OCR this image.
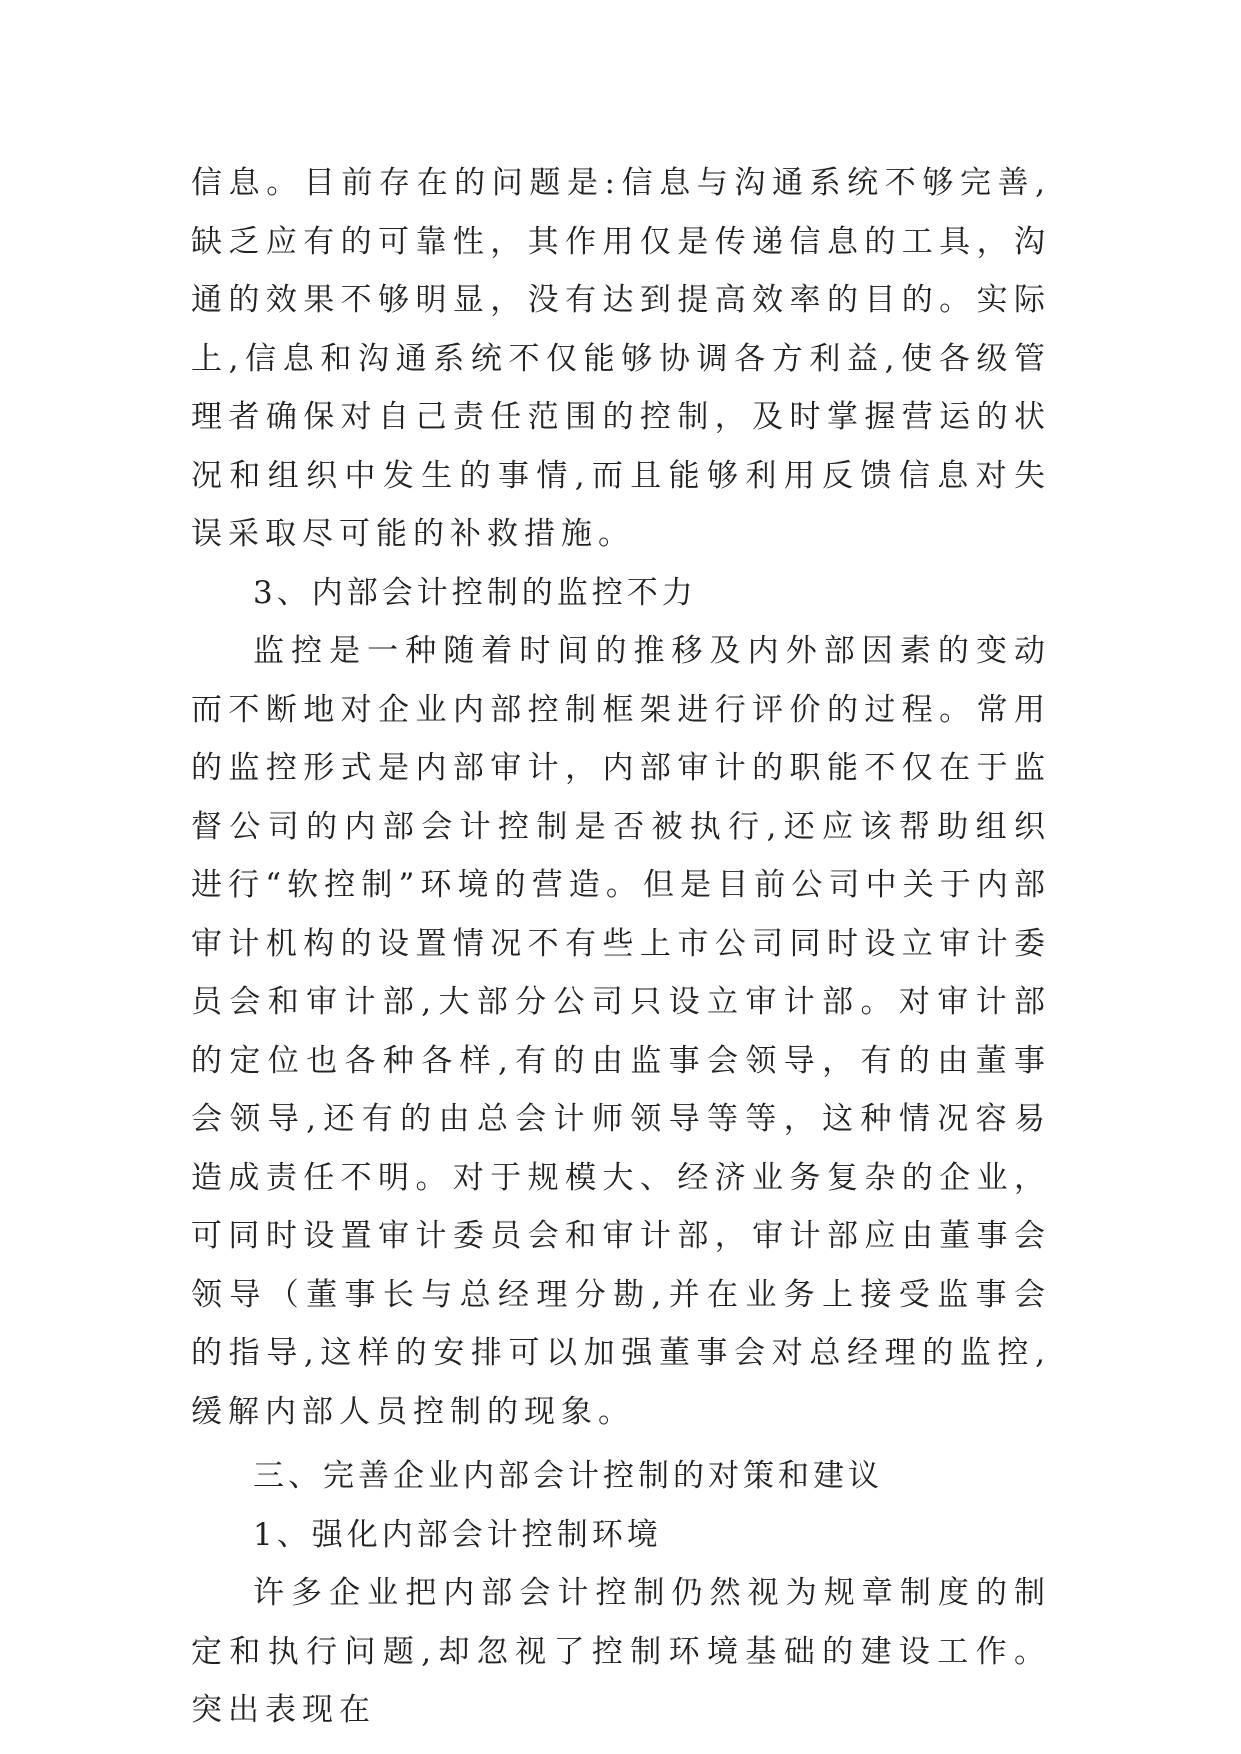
信息。目前存在的问题是:信息与沟通系统不够完善,缺乏应有的可靠性，其作用仅是传递信息的工具，沟通的效果不够明显，没有达到提高效率的目的。实际上,信息和沟通系统不仅能够协调各方利益,使各级管理者确保对自己责任范围的控制，及时掌握营运的状况和组织中发生的事情,而且能够利用反馈信息对失误采取尽可能的补救措施。

3、内部会计控制的监控不力

监控是一种随着时间的推移及内外部因素的变动而不断地对企业内部控制框架进行评价的过程。常用的监控形式是内部审计，内部审计的职能不仅在于监督公司的内部会计控制是否被执行,还应该帮助组织进行“软控制”环境的营造。但是目前公司中关于内部审计机构的设置情况不有些上市公司同时设立审计委员会和审计部,大部分公司只设立审计部。对审计部的定位也各种各样,有的由监事会领导，有的由董事会领导,还有的由总会计师领导等等，这种情况容易造成责任不明。对于规模大、经济业务复杂的企业，可同时设置审计委员会和审计部，审计部应由董事会领导（董事长与总经理分勘,并在业务上接受监事会的指导,这样的安排可以加强董事会对总经理的监控,缓解内部人员控制的现象。

三、完善企业内部会计控制的对策和建议

1、强化内部会计控制环境

许多企业把内部会计控制仍然视为规章制度的制定和执行问题,却忽视了控制环境基础的建设工作。突出表现在
